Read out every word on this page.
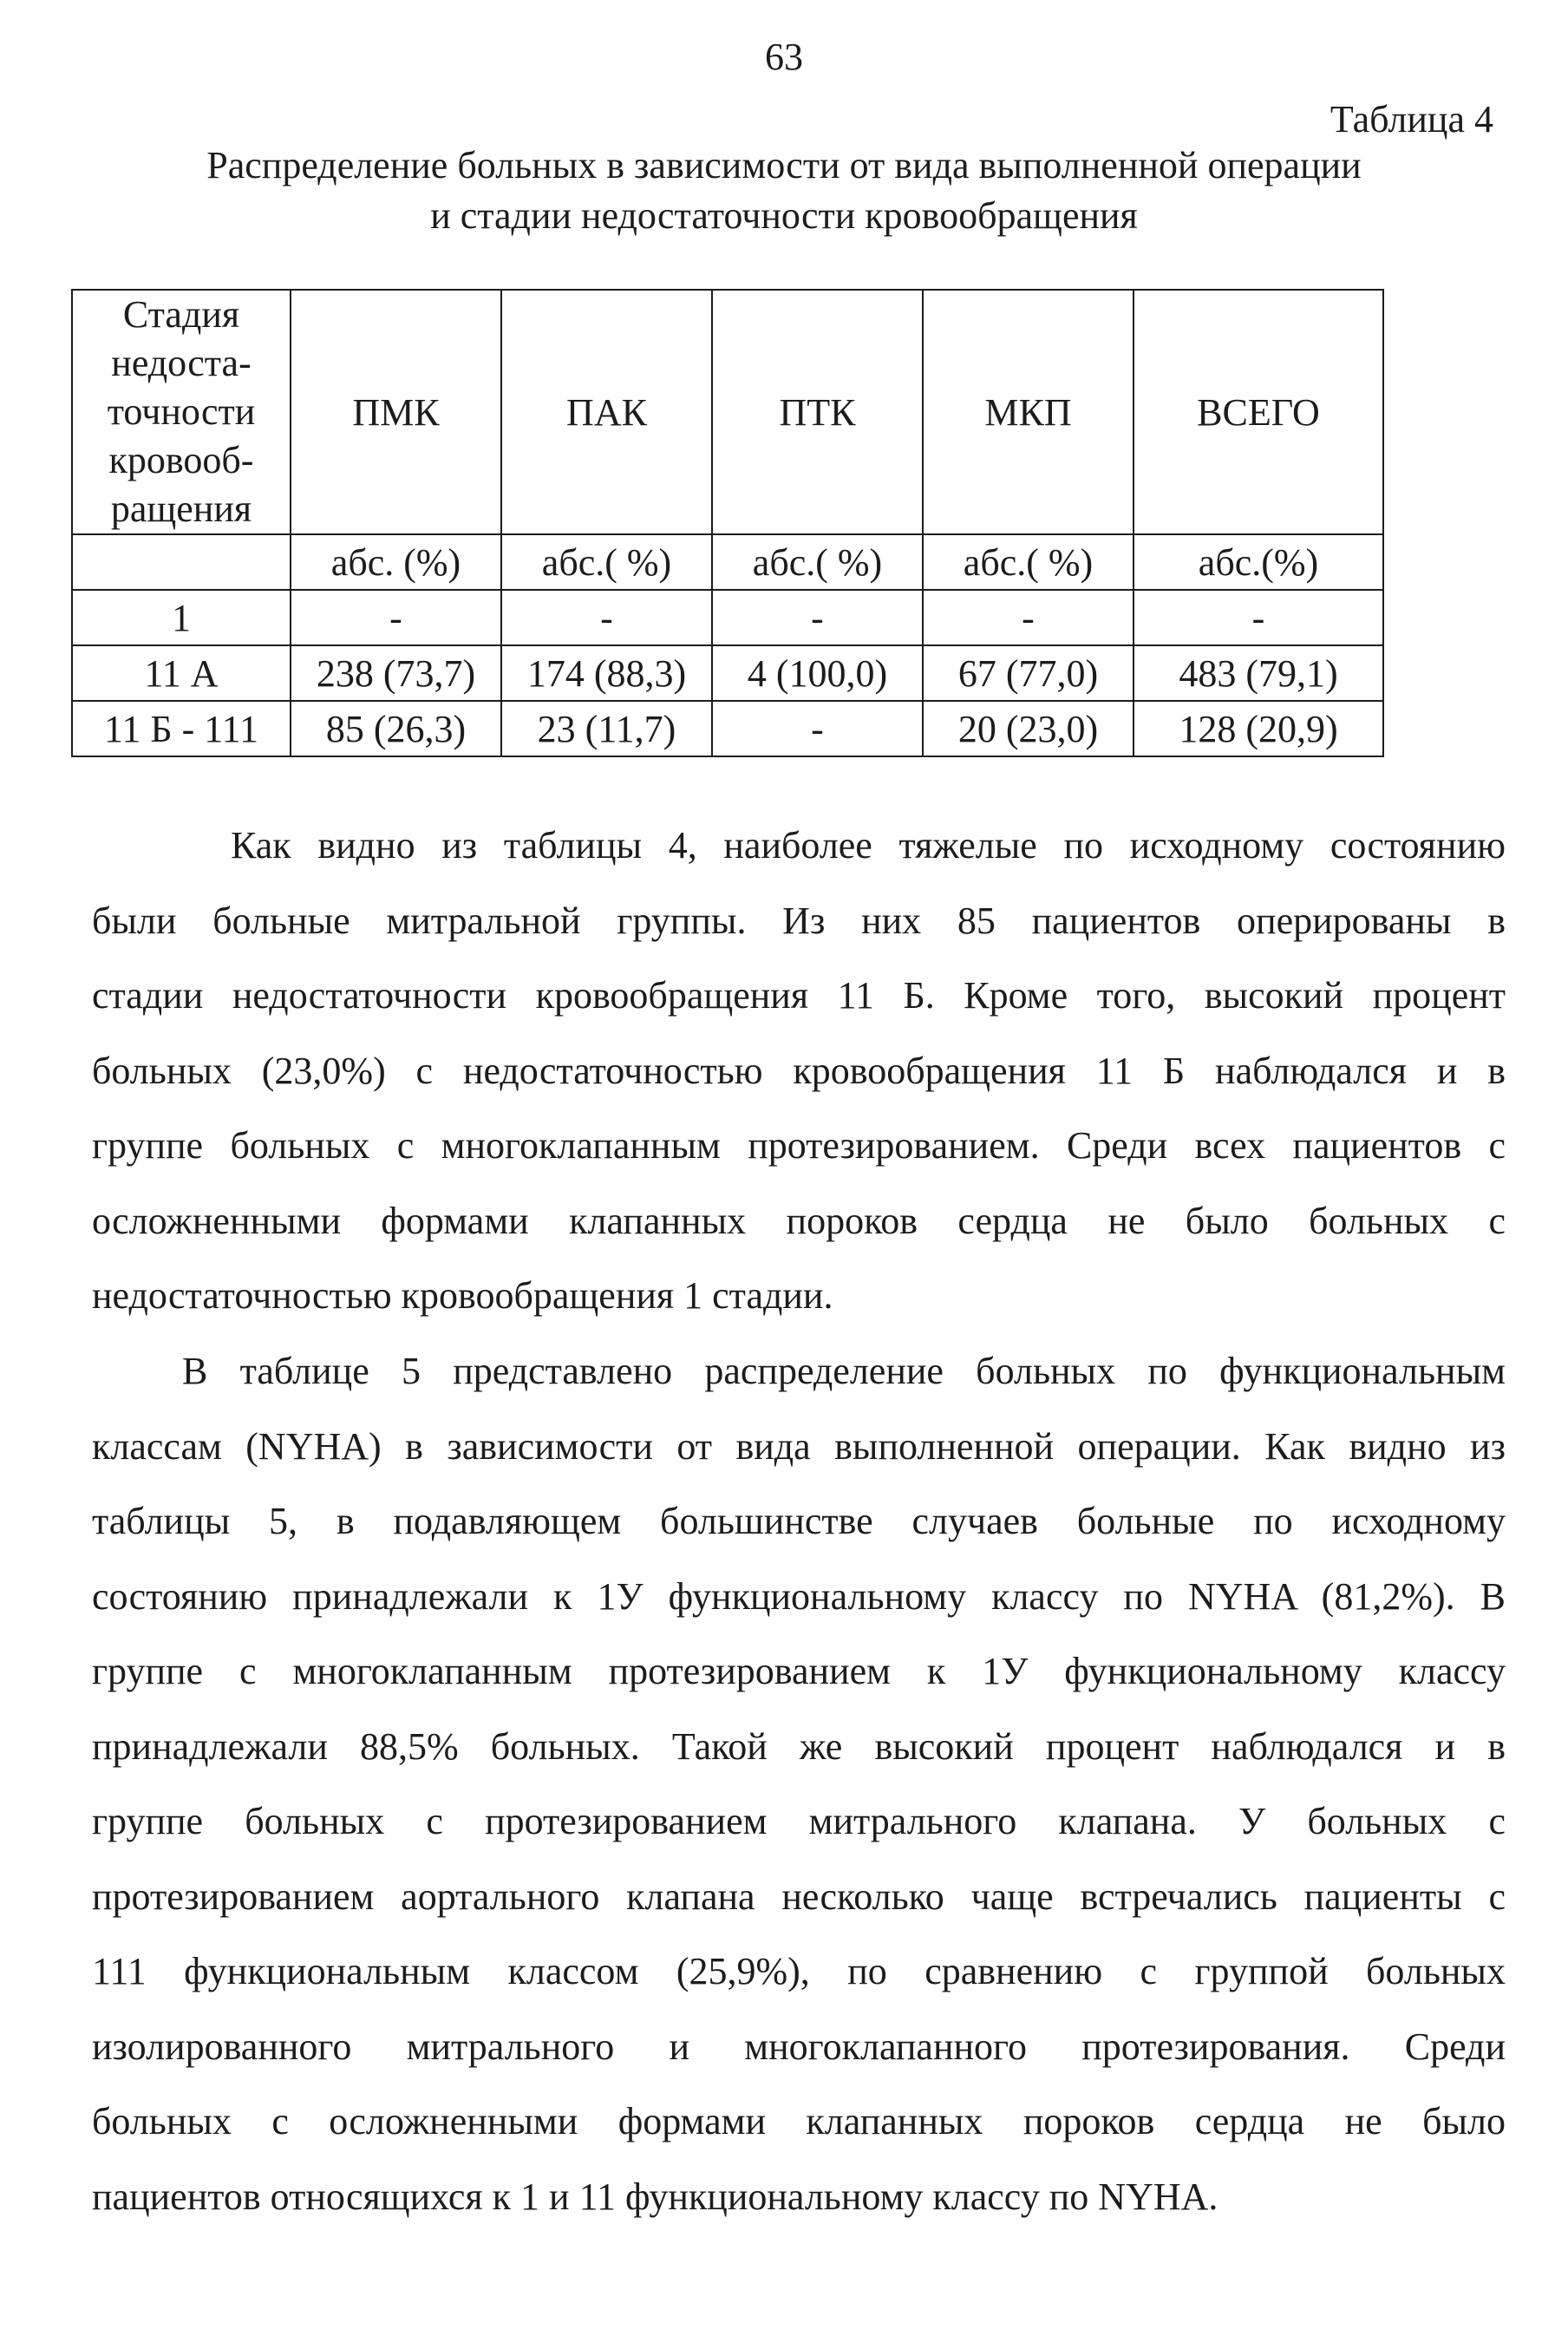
63
Таблица 4
Распределение больных в зависимости от вида выполненной операции
и стадии недостаточности кровообращения
Стадия
недоста-
точности
кровооб-
ращения	ПМК	ПАК	ПТК	МКП	ВСЕГО
	абс. (%)	абс.( %)	абс.( %)	абс.( %)	абс.(%)
1	-	-	-	-	-
11 А	238 (73,7)	174 (88,3)	4 (100,0)	67 (77,0)	483 (79,1)
11 Б - 111	85 (26,3)	23 (11,7)	-	20 (23,0)	128 (20,9)
Как видно из таблицы 4, наиболее тяжелые по исходному состоянию
были больные митральной группы. Из них 85 пациентов оперированы в
стадии недостаточности кровообращения 11 Б. Кроме того, высокий процент
больных (23,0%) с недостаточностью кровообращения 11 Б наблюдался и в
группе больных с многоклапанным протезированием. Среди всех пациентов с
осложненными формами клапанных пороков сердца не было больных с
недостаточностью кровообращения 1 стадии.
В таблице 5 представлено распределение больных по функциональным
классам (NYHA) в зависимости от вида выполненной операции. Как видно из
таблицы 5, в подавляющем большинстве случаев больные по исходному
состоянию принадлежали к 1У функциональному классу по NYHA (81,2%). В
группе с многоклапанным протезированием к 1У функциональному классу
принадлежали 88,5% больных. Такой же высокий процент наблюдался и в
группе больных с протезированием митрального клапана. У больных с
протезированием аортального клапана несколько чаще встречались пациенты с
111 функциональным классом (25,9%), по сравнению с группой больных
изолированного митрального и многоклапанного протезирования. Среди
больных с осложненными формами клапанных пороков сердца не было
пациентов относящихся к 1 и 11 функциональному классу по NYHA.
